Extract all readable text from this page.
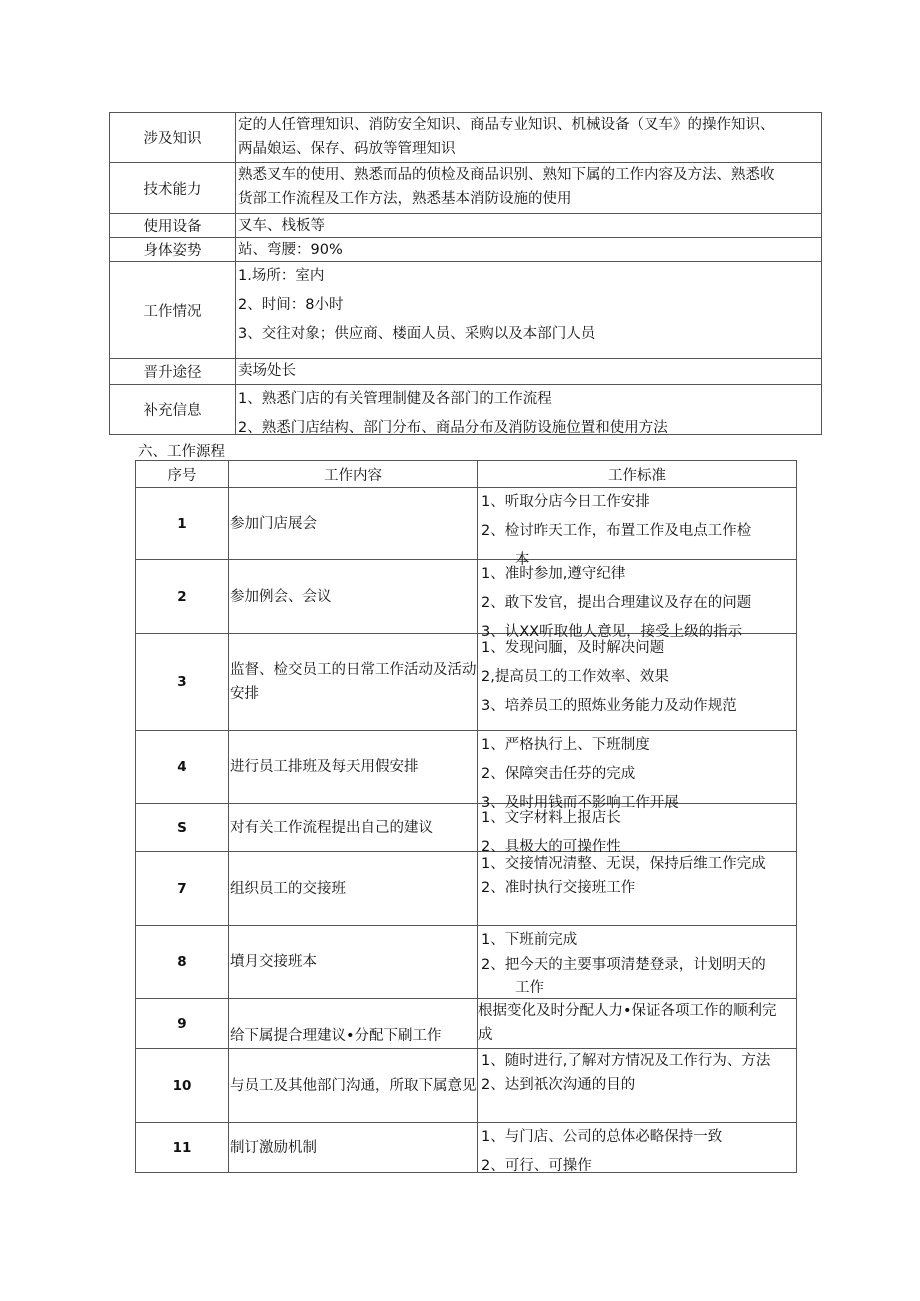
涉及知识	定的人任管理知识、消防安全知识、商品专业知识、机械设备（叉车》的操作知识、
两晶娘运、保存、码放等管理知识

技术能力	熟悉叉车的使用、熟悉而品的侦检及商品识别、熟知下属的工作内容及方法、熟悉收
货部工作流程及工作方法，熟悉基本消防设施的使用

使用设备	叉车、栈板等

身体姿势	站、弯腰：90%

工作情况	1.场所：室内
2、时间：8小时
3、交往对象；供应商、楼面人员、采购以及本部门人员

晋升途径	卖场处长

补充信息	1、熟悉门店的有关管理制健及各部门的工作流程
2、熟悉门店结构、部门分布、商品分布及消防设施位置和使用方法
六、工作源程
序号	工作内容	工作标准
1	参加门店展会	1、听取分店今日工作安排
2、检讨昨天工作，布置工作及电点工作检
本

2	参加例会、会议	1、准时参加,遵守纪律
2、敢下发官，提出合理建议及存在的问题
3、认XX听取他人意见，接受上级的指示

3	监督、检交员工的日常工作活动及活动安排	1、发现问腼，及时解决问题
2,提高员工的工作效率、效果
3、培养员工的照炼业务能力及动作规范

4	进行员工排班及每天用假安排	1、严格执行上、下班制度
2、保障突击任芬的完成
3、及时用钱而不影响工作开展

S	对有关工作流程提出自己的建议	1、文字材料上报店长
2、具极大的可操作性

7	组织员工的交接班	1、交接情况清整、无误，保持后维工作完成
2、准时执行交接班工作

8	墳月交接班本	1、下班前完成
2、把今天的主要事项清楚登录，计划明天的
工作

9	给下属提合理建议•分配下刷工作	根据变化及时分配人力•保证各项工作的顺利完
成

10	与员工及其他部门沟通，所取下属意见	1、随时进行,了解对方情况及工作行为、方法
2、达到祇次沟通的目的

11	制订激励机制	1、与门店、公司的总体必略保持一致
2、可行、可操作
